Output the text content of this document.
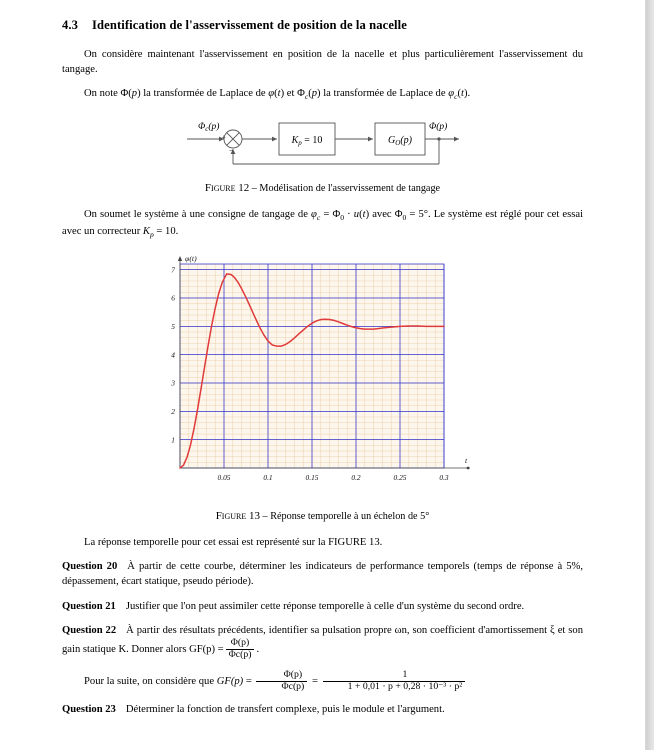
4.3 Identification de l'asservissement de position de la nacelle

On considère maintenant l'asservissement en position de la nacelle et plus particulièrement l'asservissement du tangage.

On note Φ(p) la transformée de Laplace de φ(t) et $\Phi_c(p)$ la transformée de Laplace de $\varphi_c(t)$.

$\Phi_c(p)$
+
−
$K_p = 10$	$G_O(p)$
Φ(p)
Figure 12 – Modélisation de l'asservissement de tangage

On soumet le système à une consigne de tangage de $\varphi_c = \Phi_0 \cdot u(t)$ avec $\Phi_0 = 5^\circ$. Le système est réglé pour cet essai avec un correcteur $K_p = 10$.

0.05	0.1	0.15	0.2	0.25	0.3
1
2
3
4
5
6
7
φ(t)
t
Figure 13 – Réponse temporelle à un échelon de 5°

La réponse temporelle pour cet essai est représenté sur la FIGURE 13.

Question 20 À partir de cette courbe, déterminer les indicateurs de performance temporels (temps de réponse à 5%, dépassement, écart statique, pseudo période).

Question 21 Justifier que l'on peut assimiler cette réponse temporelle à celle d'un système du second ordre.

Question 22 À partir des résultats précédents, identifier sa pulsation propre ωn, son coefficient d'amortissement ξ et son gain statique K. Donner alors $GF(p) = \frac{\Phi(p)}{\Phi c(p)}$ .

Pour la suite, on considère que $GF(p) = \frac{\Phi(p)}{\Phi c(p)} = \frac{1}{\text{1 + 0,01 · p + 0,28 · 10⁻³ · p²}}$

Question 23 Déterminer la fonction de transfert complexe, puis le module et l'argument.
